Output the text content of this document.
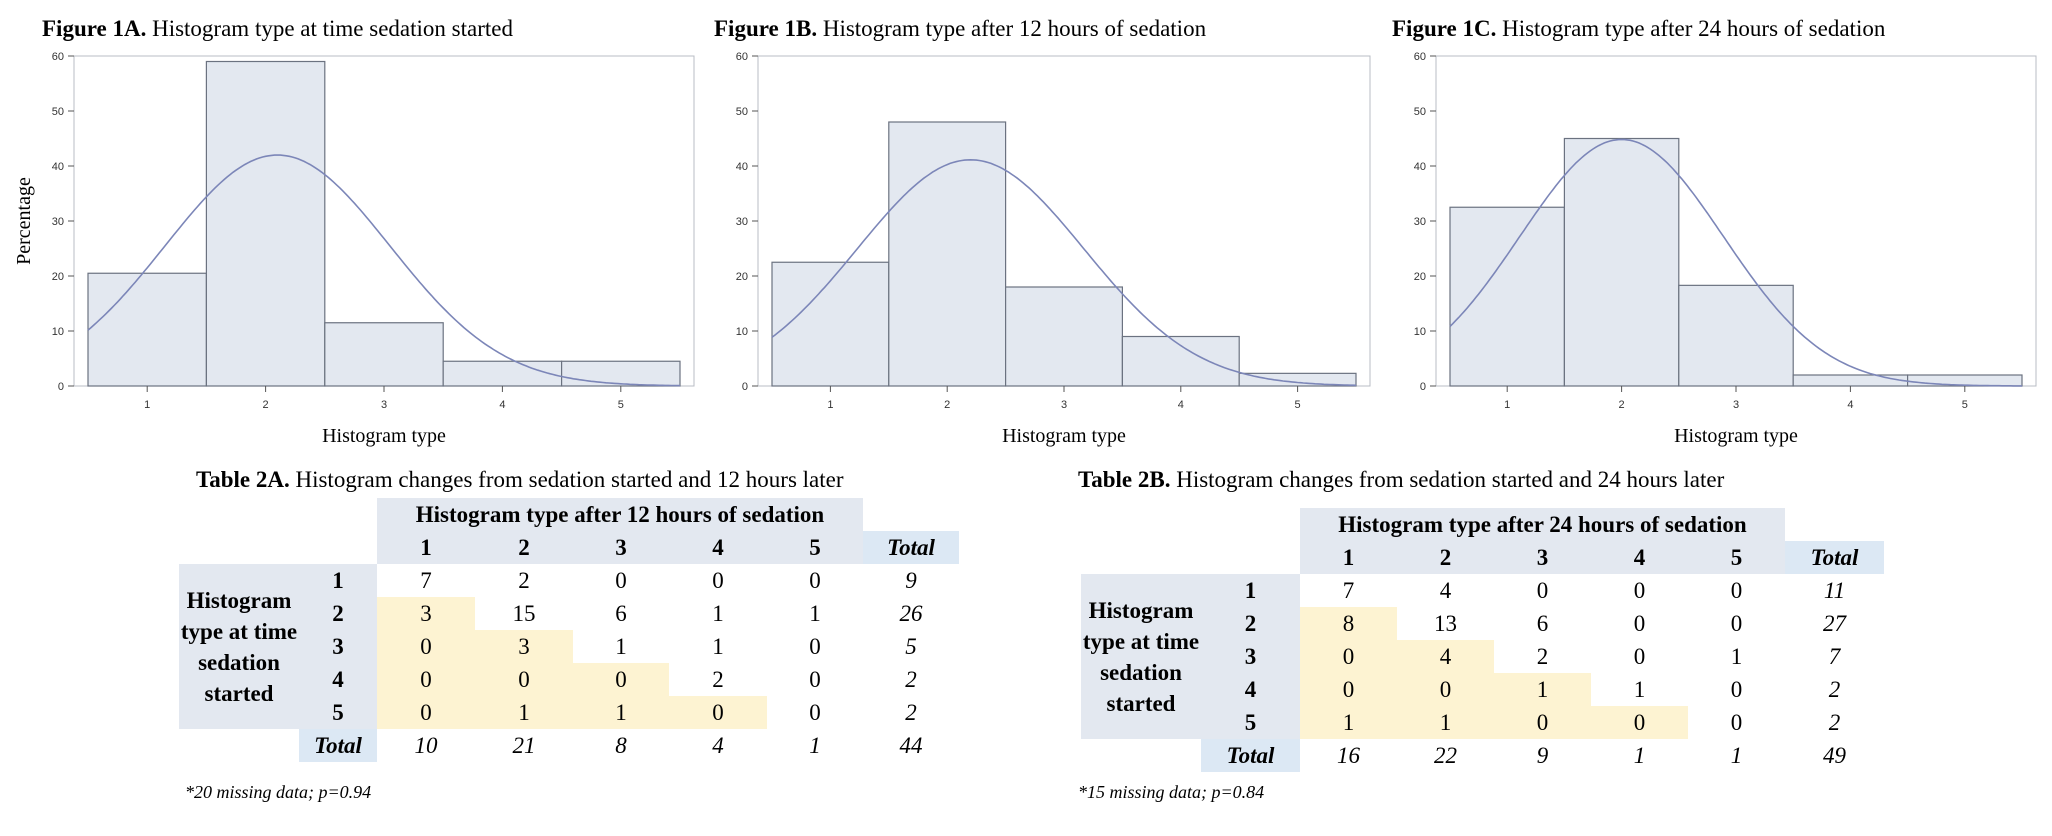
Figure 1A. Histogram type at time sedation started	Figure 1B. Histogram type after 12 hours of sedation	Figure 1C. Histogram type after 24 hours of sedation
0
10
20
30
40
50
60
1	2	3	4	5
Histogram type
Percentage
0
10
20
30
40
50
60
1	2	3	4	5
Histogram type
0
10
20
30
40
50
60
1	2	3	4	5
Histogram type
Table 2A. Histogram changes from sedation started and 12 hours later	Table 2B. Histogram changes from sedation started and 24 hours later
		Histogram type after 12 hours of sedation					
		1	2	3	4	5	Total
Histogram type at time sedation started	1	7	2	0	0	0	9
	2	3	15	6	1	1	26
	3	0	3	1	1	0	5
	4	0	0	0	2	0	2
	5	0	1	1	0	0	2
	Total	10	21	8	4	1	44
*20 missing data; p=0.94
		Histogram type after 24 hours of sedation					
		1	2	3	4	5	Total
Histogram type at time sedation started	1	7	4	0	0	0	11
	2	8	13	6	0	0	27
	3	0	4	2	0	1	7
	4	0	0	1	1	0	2
	5	1	1	0	0	0	2
	Total	16	22	9	1	1	49
*15 missing data; p=0.84
